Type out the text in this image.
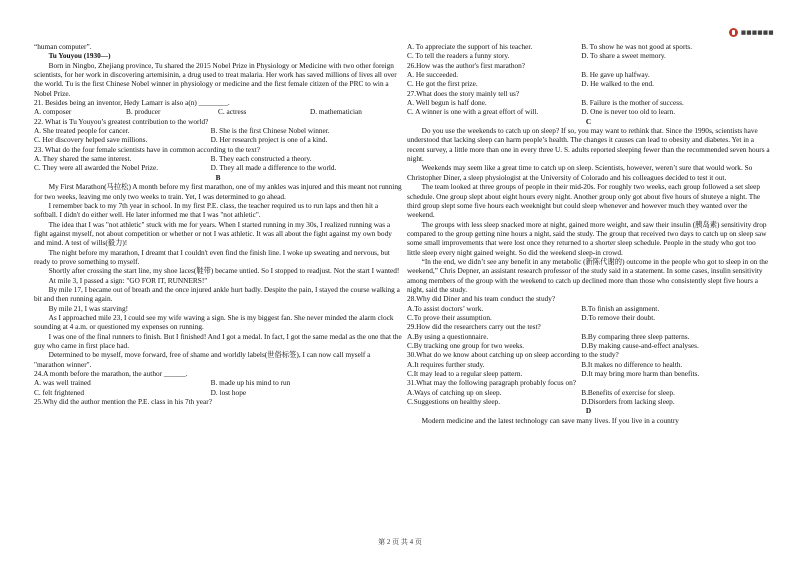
⬛⬛⬛⬛⬛⬛

“human computer”.

Tu Youyou (1930—)

Born in Ningbo, Zhejiang province, Tu shared the 2015 Nobel Prize in Physiology or Medicine with two other foreign scientists, for her work in discovering artemisinin, a drug used to treat malaria. Her work has saved millions of lives all over the world. Tu is the first Chinese Nobel winner in physiology or medicine and the first female citizen of the PRC to win a Nobel Prize.

21. Besides being an inventor, Hedy Lamarr is also a(n) ________.

A. composer	B. producer	C. actress	D. mathematician

22. What is Tu Youyou’s greatest contribution to the world?

A. She treated people for cancer.	B. She is the first Chinese Nobel winner.
C. Her discovery helped save millions.	D. Her research project is one of a kind.

23. What do the four female scientists have in common according to the text?

A. They shared the same interest.	B. They each constructed a theory.
C. They were all awarded the Nobel Prize.	D. They all made a difference to the world.

B

My First Marathon(马拉松) A month before my first marathon, one of my ankles was injured and this meant not running for two weeks, leaving me only two weeks to train. Yet, I was determined to go ahead.

I remember back to my 7th year in school. In my first P.E. class, the teacher required us to run laps and then hit a softball. I didn't do either well. He later informed me that I was "not athletic".

The idea that I was "not athletic" stuck with me for years. When I started running in my 30s, I realized running was a fight against myself, not about competition or whether or not I was athletic. It was all about the fight against my own body and mind. A test of wills(毅力)!

The night before my marathon, I dreamt that I couldn't even find the finish line. I woke up sweating and nervous, but ready to prove something to myself.

Shortly after crossing the start line, my shoe laces(鞋带) became untied. So I stopped to readjust. Not the start I wanted!

At mile 3, I passed a sign: "GO FOR IT, RUNNERS!"

By mile 17, I became out of breath and the once injured ankle hurt badly. Despite the pain, I stayed the course walking a bit and then running again.

By mile 21, I was starving!

As I approached mile 23, I could see my wife waving a sign. She is my biggest fan. She never minded the alarm clock sounding at 4 a.m. or questioned my expenses on running.

I was one of the final runners to finish. But I finished! And I got a medal. In fact, I got the same medal as the one that the guy who came in first place had.

Determined to be myself, move forward, free of shame and worldly labels(世俗标签), I can now call myself a "marathon winner".

24.A month before the marathon, the author ______.

A. was well trained	B. made up his mind to run
C. felt frightened	D. lost hope

25.Why did the author mention the P.E. class in his 7th year?

A. To appreciate the support of his teacher.	B. To show he was not good at sports.
C. To tell the readers a funny story.	D. To share a sweet memory.

26.How was the author's first marathon?

A. He succeeded.	B. He gave up halfway.
C. He got the first prize.	D. He walked to the end.

27.What does the story mainly tell us?

A. Well begun is half done.	B. Failure is the mother of success.
C. A winner is one with a great effort of will.	D. One is never too old to learn.

C

Do you use the weekends to catch up on sleep? If so, you may want to rethink that. Since the 1990s, scientists have understood that lacking sleep can harm people’s health. The changes it causes can lead to obesity and diabetes. Yet in a recent survey, a little more than one in every three U. S. adults reported sleeping fewer than the recommended seven hours a night.

Weekends may seem like a great time to catch up on sleep. Scientists, however, weren’t sure that would work. So Christopher Diner, a sleep physiologist at the University of Colorado and his colleagues decided to test it out.

The team looked at three groups of people in their mid-20s. For roughly two weeks, each group followed a set sleep schedule. One group slept about eight hours every night. Another group only got about five hours of shuteye a night. The third group slept some five hours each weeknight but could sleep whenever and however much they wanted over the weekend.

The groups with less sleep snacked more at night, gained more weight, and saw their insulin (胰岛素) sensitivity drop compared to the group getting nine hours a night, said the study. The group that received two days to catch up on sleep saw some small improvements that were lost once they returned to a shorter sleep schedule. People in the study who got too little sleep every night gained weight. So did the weekend sleep-in crowd.

“In the end, we didn’t see any benefit in any metabolic (新陈代谢的) outcome in the people who got to sleep in on the weekend,” Chris Depner, an assistant research professor of the study said in a statement. In some cases, insulin sensitivity among members of the group with the weekend to catch up declined more than those who consistently slept five hours a night, said the study.

28.Why did Diner and his team conduct the study?

A.To assist doctors’ work.	B.To finish an assignment.
C.To prove their assumption.	D.To remove their doubt.

29.How did the researchers carry out the test?

A.By using a questionnaire.	B.By comparing three sleep patterns.
C.By tracking one group for two weeks.	D.By making cause-and-effect analyses.

30.What do we know about catching up on sleep according to the study?

A.It requires further study.	B.It makes no difference to health.
C.It may lead to a regular sleep pattern.	D.It may bring more harm than benefits.

31.What may the following paragraph probably focus on?

A.Ways of catching up on sleep.	B.Benefits of exercise for sleep.
C.Suggestions on healthy sleep.	D.Disorders from lacking sleep.

D

Modern medicine and the latest technology can save many lives. If you live in a country

第 2 页 共 4 页
